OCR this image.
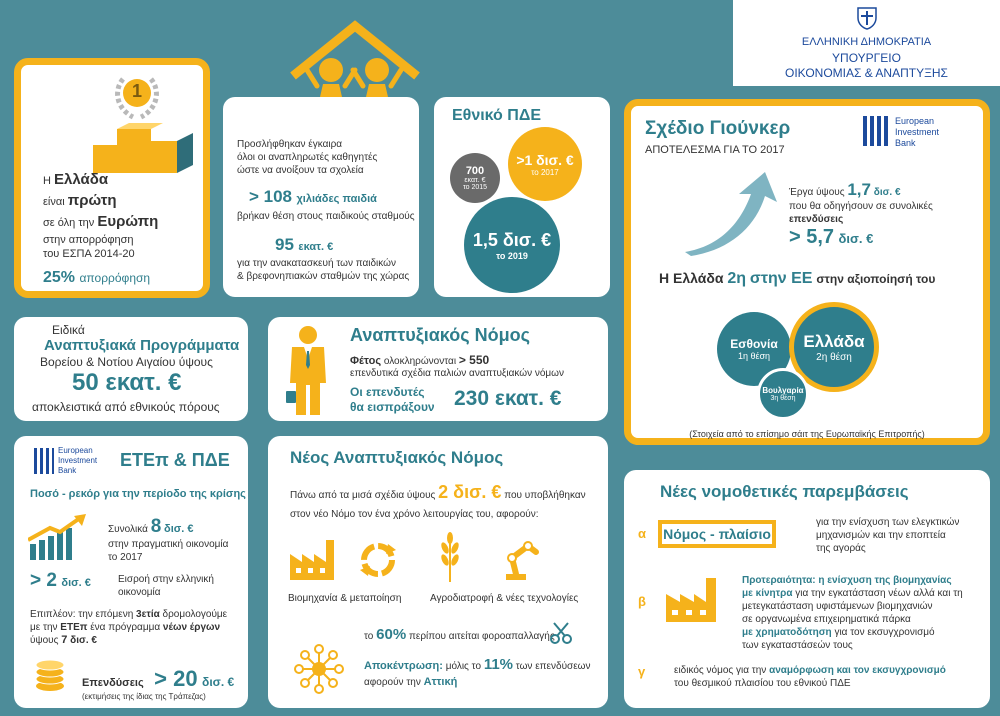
ΕΛΛΗΝΙΚΗ ΔΗΜΟΚΡΑΤΙΑ
ΥΠΟΥΡΓΕΙΟ
ΟΙΚΟΝΟΜΙΑΣ & ΑΝΑΠΤΥΞΗΣ
1
Η Ελλάδα
είναι πρώτη
σε όλη την Ευρώπη
στην απορρόφηση
του ΕΣΠΑ 2014-20
25% απορρόφηση
Προσλήφθηκαν έγκαιρα
όλοι οι αναπληρωτές καθηγητές
ώστε να ανοίξουν τα σχολεία
> 108 χιλιάδες παιδιά
βρήκαν θέση στους παιδικούς σταθμούς
95 εκατ. €
για την ανακατασκευή των παιδικών
& βρεφονηπιακών σταθμών της χώρας
Εθνικό ΠΔΕ
700
εκατ. €
το 2015
>1 δισ. €
το 2017
1,5 δισ. €
το 2019
Σχέδιο Γιούνκερ
ΑΠΟΤΕΛΕΣΜΑ ΓΙΑ ΤΟ 2017
European
Investment
Bank
Έργα ύψους 1,7 δισ. €
που θα οδηγήσουν σε συνολικές
επενδύσεις
> 5,7 δισ. €
Η Ελλάδα 2η στην ΕΕ στην αξιοποίησή του
Εσθονία
1η θέση
Ελλάδα
2η θέση
Βουλγαρία
3η θέση
(Στοιχεία από το επίσημο σάιτ της Ευρωπαϊκής Επιτροπής)
Ειδικά
Αναπτυξιακά Προγράμματα
Βορείου & Νοτίου Αιγαίου ύψους
50 εκατ. €
αποκλειστικά από εθνικούς πόρους
Αναπτυξιακός Νόμος
Φέτος ολοκληρώνονται > 550
επενδυτικά σχέδια παλιών αναπτυξιακών νόμων
Οι επενδυτές
θα εισπράξουν 230 εκατ. €
European
Investment
Bank
ΕΤΕπ & ΠΔΕ
Ποσό - ρεκόρ για την περίοδο της κρίσης
Συνολικά 8 δισ. €
στην πραγματική οικονομία
το 2017
> 2 δισ. €	Εισροή στην ελληνική
οικονομία
Επιπλέον: την επόμενη 3ετία δρομολογούμε με την ΕΤΕπ ένα πρόγραμμα νέων έργων ύψους 7 δισ. €
Επενδύσεις > 20 δισ. €
(εκτιμήσεις της ίδιας της Τράπεζας)
Νέος Αναπτυξιακός Νόμος
Πάνω από τα μισά σχέδια ύψους 2 δισ. € που υποβλήθηκαν
στον νέο Νόμο τον ένα χρόνο λειτουργίας του, αφορούν:
Βιομηχανία & μεταποίηση	Αγροδιατροφή & νέες τεχνολογίες
το 60% περίπου αιτείται φοροαπαλλαγής
Αποκέντρωση: μόλις το 11% των επενδύσεων
αφορούν την Αττική
Νέες νομοθετικές παρεμβάσεις
α	Νόμος - πλαίσιο
για την ενίσχυση των ελεγκτικών
μηχανισμών και την εποπτεία
της αγοράς
β
Προτεραιότητα: η ενίσχυση της βιομηχανίας
με κίνητρα για την εγκατάσταση νέων αλλά και τη
μετεγκατάσταση υφιστάμενων βιομηχανιών
σε οργανωμένα επιχειρηματικά πάρκα
με χρηματοδότηση για τον εκσυγχρονισμό
των εγκαταστάσεών τους
γ	ειδικός νόμος για την αναμόρφωση και τον εκσυγχρονισμό
του θεσμικού πλαισίου του εθνικού ΠΔΕ
